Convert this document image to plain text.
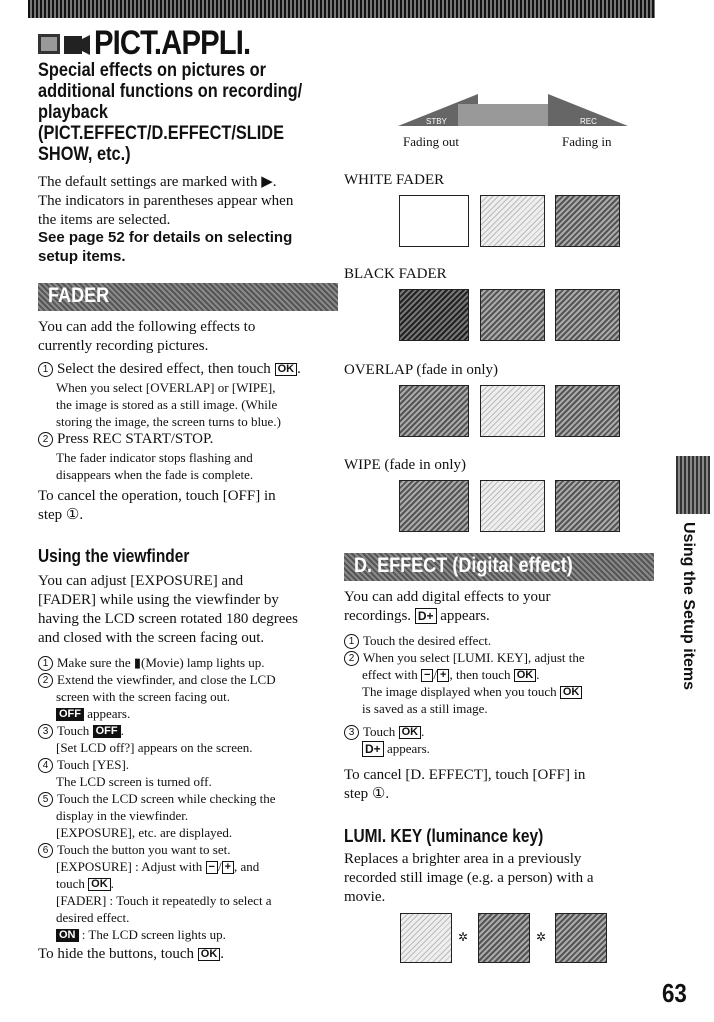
PICT.APPLI.
Special effects on pictures or
additional functions on recording/
playback
(PICT.EFFECT/D.EFFECT/SLIDE
SHOW, etc.)
The default settings are marked with ▶.
The indicators in parentheses appear when
the items are selected.
See page 52 for details on selecting
setup items.
FADER
You can add the following effects to
currently recording pictures.
1 Select the desired effect, then touch OK .
When you select [OVERLAP] or [WIPE],
the image is stored as a still image. (While
storing the image, the screen turns to blue.)
2 Press REC START/STOP.
The fader indicator stops flashing and
disappears when the fade is complete.
To cancel the operation, touch [OFF] in
step ①.
Using the viewfinder
You can adjust [EXPOSURE] and
[FADER] while using the viewfinder by
having the LCD screen rotated 180 degrees
and closed with the screen facing out.
1 Make sure the ▮(Movie) lamp lights up.
2 Extend the viewfinder, and close the LCD
screen with the screen facing out.
OFF appears.
3 Touch OFF .
[Set LCD off?] appears on the screen.
4 Touch [YES].
The LCD screen is turned off.
5 Touch the LCD screen while checking the
display in the viewfinder.
[EXPOSURE], etc. are displayed.
6 Touch the button you want to set.
[EXPOSURE] : Adjust with − / + , and
touch OK .
[FADER] : Touch it repeatedly to select a
desired effect.
ON : The LCD screen lights up.
To hide the buttons, touch OK .
STBY	REC
Fading out	Fading in
WHITE FADER
BLACK FADER
OVERLAP (fade in only)
WIPE (fade in only)
D. EFFECT (Digital effect)
You can add digital effects to your
recordings. D+ appears.
1 Touch the desired effect.
2 When you select [LUMI. KEY], adjust the
effect with − / + , then touch OK .
The image displayed when you touch OK
is saved as a still image.
3 Touch OK .
D+ appears.
To cancel [D. EFFECT], touch [OFF] in
step ①.
LUMI. KEY (luminance key)
Replaces a brighter area in a previously
recorded still image (e.g. a person) with a
movie.
✲	✲
Using the Setup items
63
